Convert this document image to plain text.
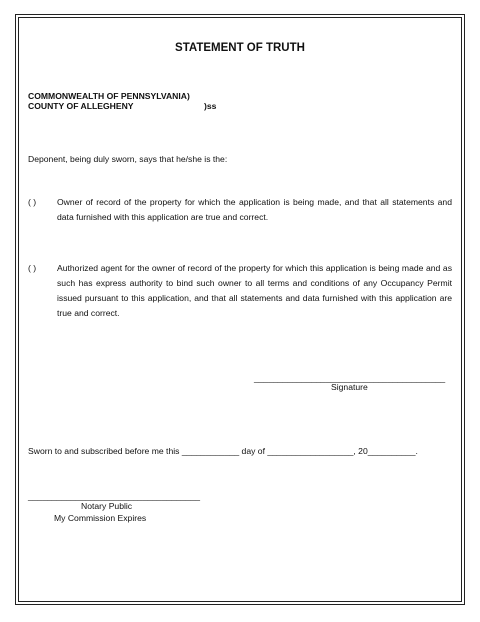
STATEMENT OF TRUTH
COMMONWEALTH OF PENNSYLVANIA)
COUNTY OF ALLEGHENY	)ss
Deponent, being duly sworn, says that he/she is the:
( ) Owner of record of the property for which the application is being made, and that all statements and data furnished with this application are true and correct.
( ) Authorized agent for the owner of record of the property for which this application is being made and as such has express authority to bind such owner to all terms and conditions of any Occupancy Permit issued pursuant to this application, and that all statements and data furnished with this application are true and correct.
________________________________________
Signature
Sworn to and subscribed before me this ____________ day of __________________, 20__________.
____________________________________
Notary Public
My Commission Expires
